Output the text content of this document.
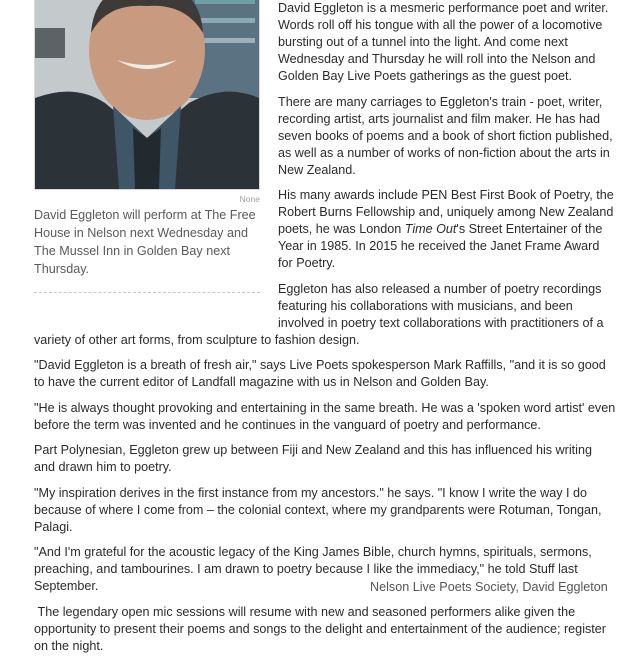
None
David Eggleton will perform at The Free House in Nelson next Wednesday and The Mussel Inn in Golden Bay next Thursday.

David Eggleton is a mesmeric performance poet and writer. Words roll off his tongue with all the power of a locomotive bursting out of a tunnel into the light. And come next Wednesday and Thursday he will roll into the Nelson and Golden Bay Live Poets gatherings as the guest poet.

There are many carriages to Eggleton's train - poet, writer, recording artist, arts journalist and film maker. He has had seven books of poems and a book of short fiction published, as well as a number of works of non-fiction about the arts in New Zealand.

His many awards include PEN Best First Book of Poetry, the Robert Burns Fellowship and, uniquely among New Zealand poets, he was London Time Out's Street Entertainer of the Year in 1985. In 2015 he received the Janet Frame Award for Poetry.

Eggleton has also released a number of poetry recordings featuring his collaborations with musicians, and been involved in poetry text collaborations with practitioners of a variety of other art forms, from sculpture to fashion design.

"David Eggleton is a breath of fresh air," says Live Poets spokesperson Mark Raffills, "and it is so good to have the current editor of Landfall magazine with us in Nelson and Golden Bay.

"He is always thought provoking and entertaining in the same breath. He was a 'spoken word artist' even before the term was invented and he continues in the vanguard of poetry and performance.

Part Polynesian, Eggleton grew up between Fiji and New Zealand and this has influenced his writing and drawn him to poetry.

"My inspiration derives in the first instance from my ancestors." he says. "I know I write the way I do because of where I come from – the colonial context, where my grandparents were Rotuman, Tongan, Palagi.

"And I'm grateful for the acoustic legacy of the King James Bible, church hymns, spirituals, sermons, preaching, and tambourines. I am drawn to poetry because I like the immediacy," he told Stuff last September.

The legendary open mic sessions will resume with new and seasoned performers alike given the opportunity to present their poems and songs to the delight and entertainment of the audience; register on the night.

Nelson Live Poets Society, David Eggleton
